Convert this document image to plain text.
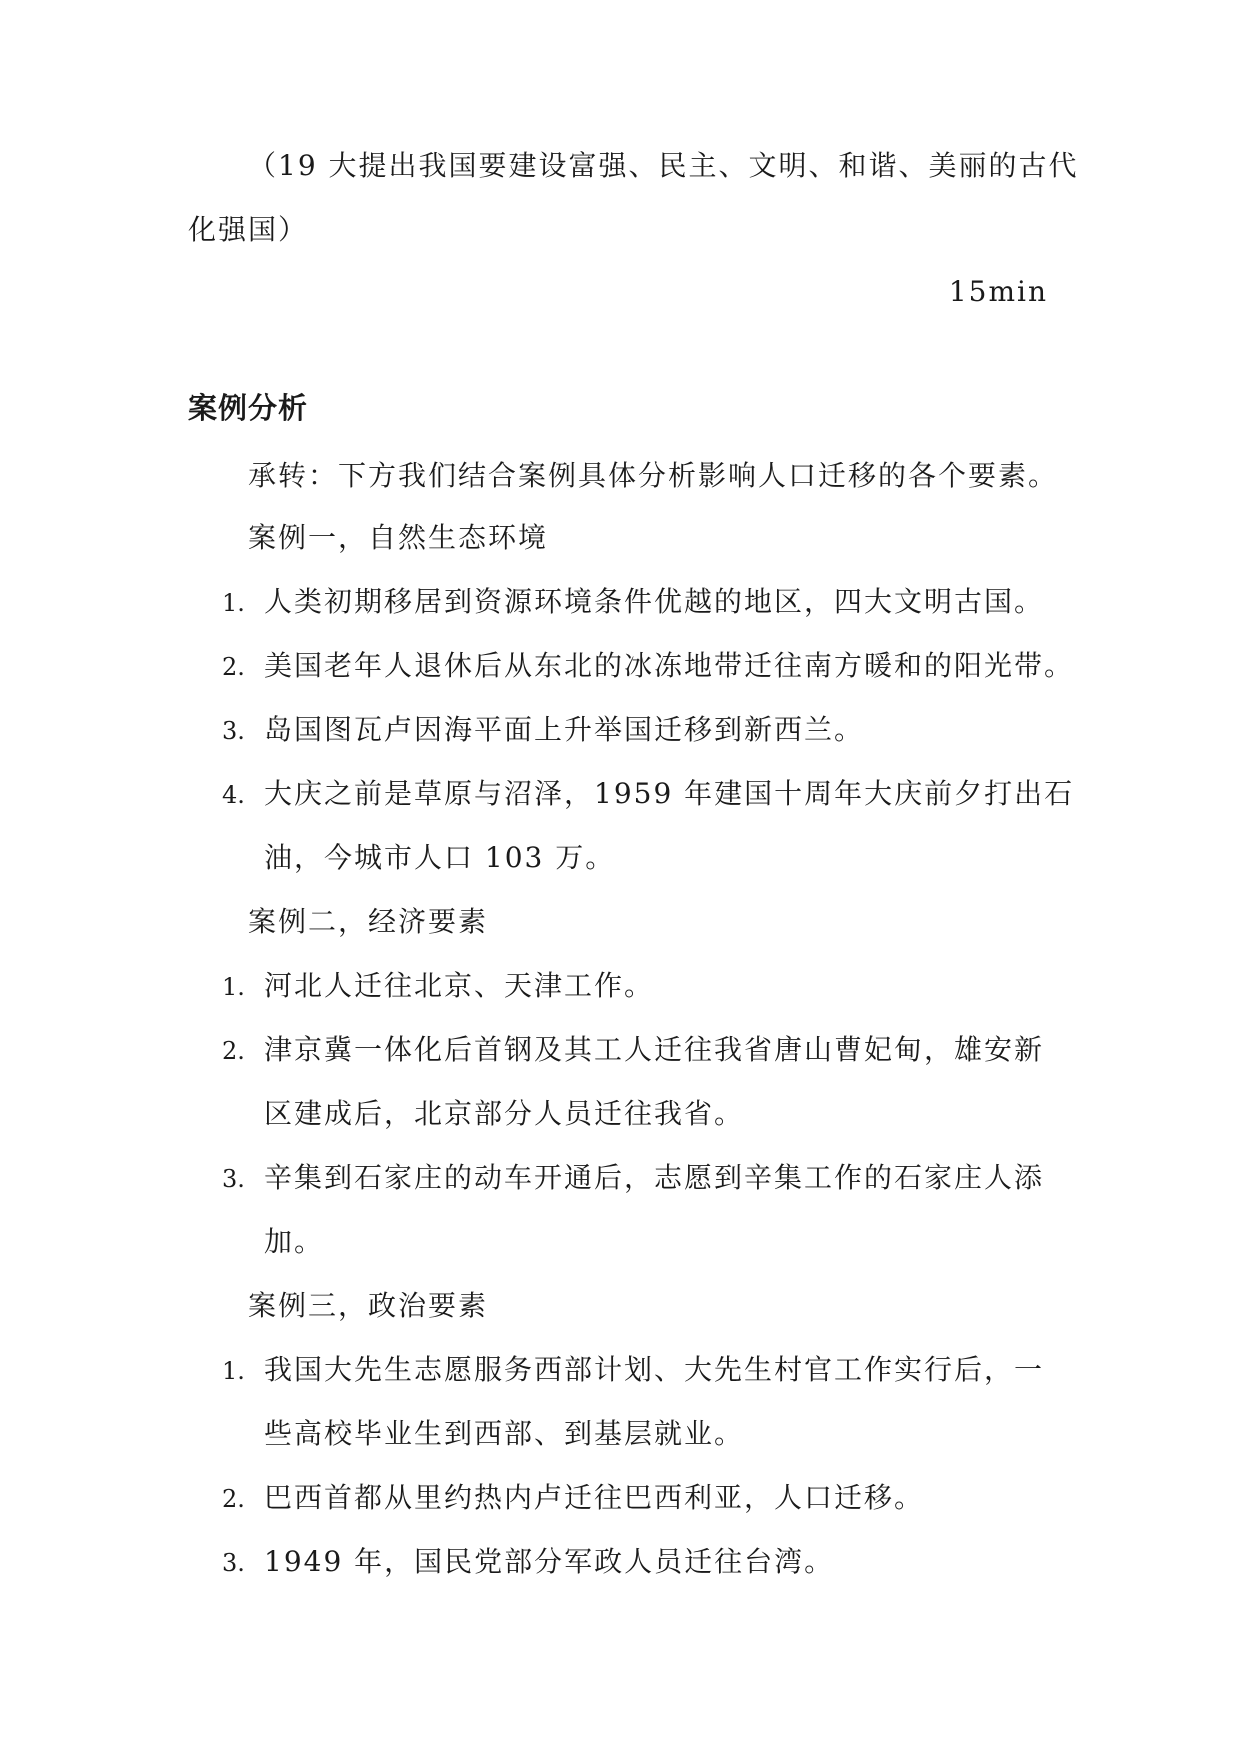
（19 大提出我国要建设富强、民主、文明、和谐、美丽的古代
化强国）
15min
案例分析
承转：下方我们结合案例具体分析影响人口迁移的各个要素。
案例一，自然生态环境
1. 人类初期移居到资源环境条件优越的地区，四大文明古国。
2. 美国老年人退休后从东北的冰冻地带迁往南方暖和的阳光带。
3. 岛国图瓦卢因海平面上升举国迁移到新西兰。
4. 大庆之前是草原与沼泽，1959 年建国十周年大庆前夕打出石
油，今城市人口 103 万。
案例二，经济要素
1. 河北人迁往北京、天津工作。
2. 津京冀一体化后首钢及其工人迁往我省唐山曹妃甸，雄安新
区建成后，北京部分人员迁往我省。
3. 辛集到石家庄的动车开通后，志愿到辛集工作的石家庄人添
加。
案例三，政治要素
1. 我国大先生志愿服务西部计划、大先生村官工作实行后，一
些高校毕业生到西部、到基层就业。
2. 巴西首都从里约热内卢迁往巴西利亚，人口迁移。
3. 1949 年，国民党部分军政人员迁往台湾。
